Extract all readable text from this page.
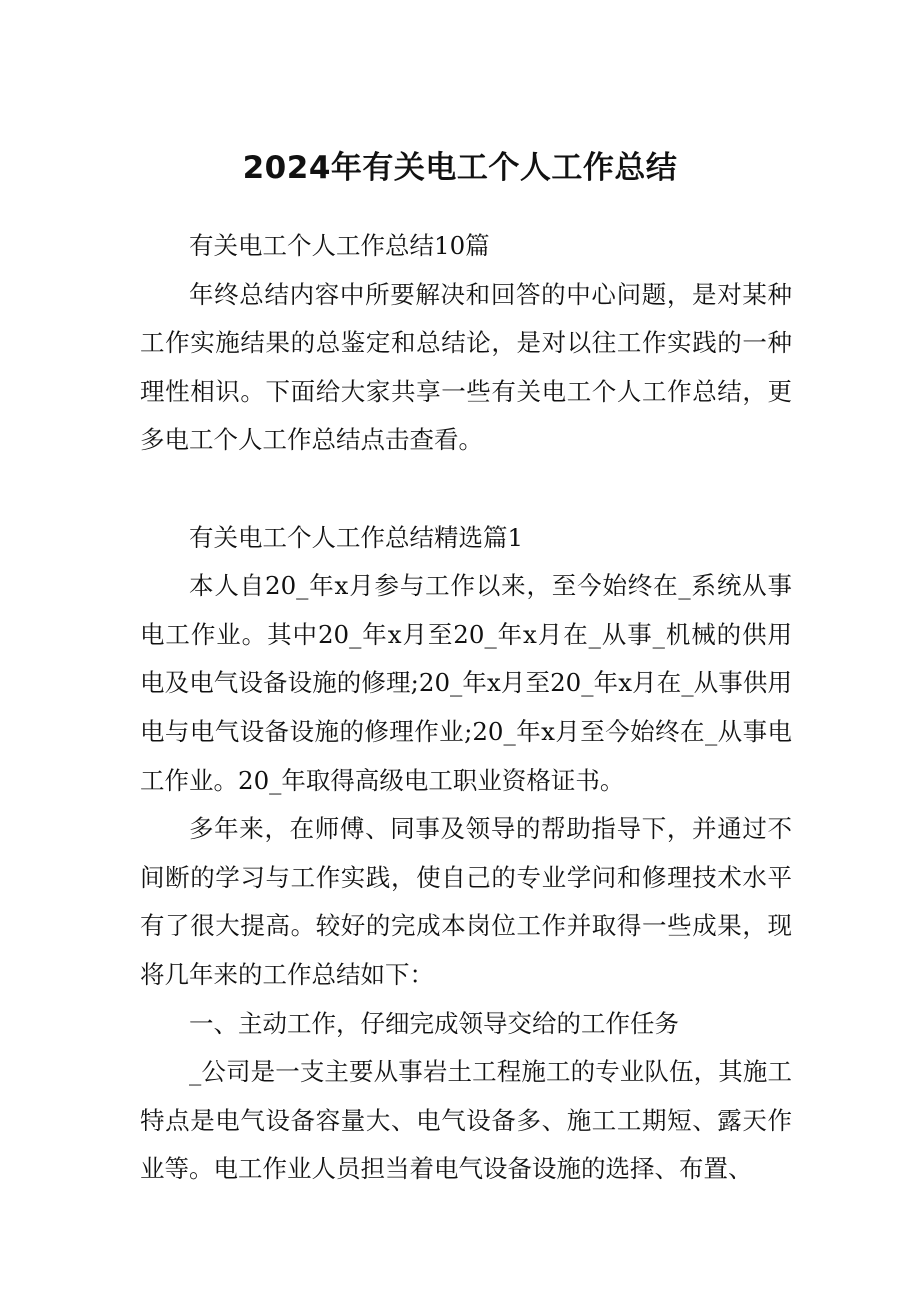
2024年有关电工个人工作总结

有关电工个人工作总结10篇

年终总结内容中所要解决和回答的中心问题，是对某种工作实施结果的总鉴定和总结论，是对以往工作实践的一种理性相识。下面给大家共享一些有关电工个人工作总结，更多电工个人工作总结点击查看。

有关电工个人工作总结精选篇1

本人自20_年x月参与工作以来，至今始终在_系统从事电工作业。其中20_年x月至20_年x月在_从事_机械的供用电及电气设备设施的修理;20_年x月至20_年x月在_从事供用电与电气设备设施的修理作业;20_年x月至今始终在_从事电工作业。20_年取得高级电工职业资格证书。

多年来，在师傅、同事及领导的帮助指导下，并通过不间断的学习与工作实践，使自己的专业学问和修理技术水平有了很大提高。较好的完成本岗位工作并取得一些成果，现将几年来的工作总结如下：

一、主动工作，仔细完成领导交给的工作任务

_公司是一支主要从事岩土工程施工的专业队伍，其施工特点是电气设备容量大、电气设备多、施工工期短、露天作业等。电工作业人员担当着电气设备设施的选择、布置、
